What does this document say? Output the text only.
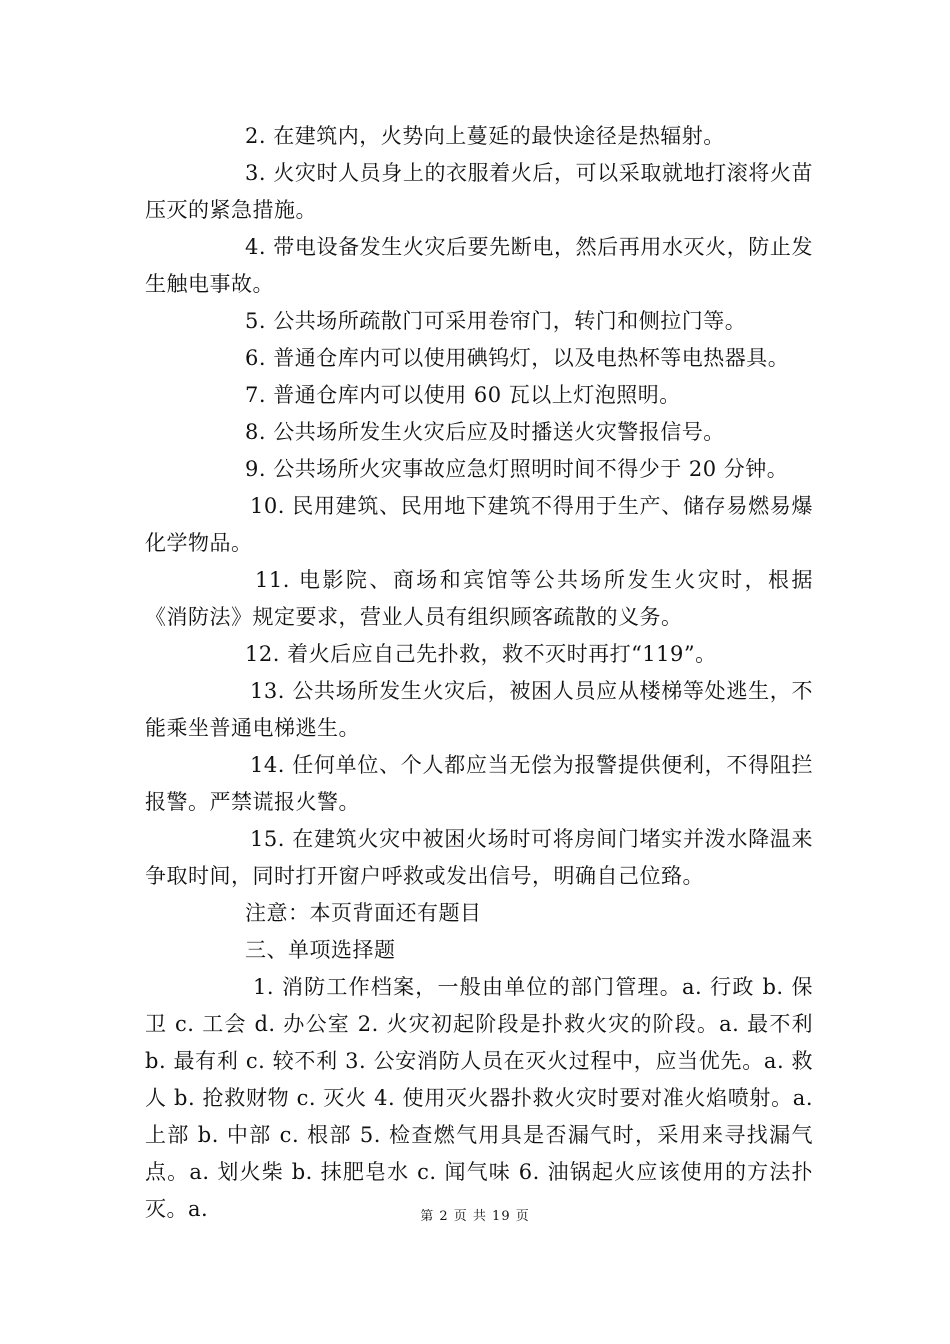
2. 在建筑内，火势向上蔓延的最快途径是热辐射。

3. 火灾时人员身上的衣服着火后，可以采取就地打滚将火苗压灭的紧急措施。

4. 带电设备发生火灾后要先断电，然后再用水灭火，防止发生触电事故。

5. 公共场所疏散门可采用卷帘门，转门和侧拉门等。

6. 普通仓库内可以使用碘钨灯，以及电热杯等电热器具。

7. 普通仓库内可以使用 60 瓦以上灯泡照明。

8. 公共场所发生火灾后应及时播送火灾警报信号。

9. 公共场所火灾事故应急灯照明时间不得少于 20 分钟。

10. 民用建筑、民用地下建筑不得用于生产、储存易燃易爆化学物品。

11. 电影院、商场和宾馆等公共场所发生火灾时，根据《消防法》规定要求，营业人员有组织顾客疏散的义务。

12. 着火后应自己先扑救，救不灭时再打“119”。

13. 公共场所发生火灾后，被困人员应从楼梯等处逃生，不能乘坐普通电梯逃生。

14. 任何单位、个人都应当无偿为报警提供便利，不得阻拦报警。严禁谎报火警。

15. 在建筑火灾中被困火场时可将房间门堵实并泼水降温来争取时间，同时打开窗户呼救或发出信号，明确自己位臵。

注意：本页背面还有题目

三、单项选择题

1. 消防工作档案，一般由单位的部门管理。a. 行政 b. 保卫 c. 工会 d. 办公室 2. 火灾初起阶段是扑救火灾的阶段。a. 最不利 b. 最有利 c. 较不利 3. 公安消防人员在灭火过程中，应当优先。a. 救人 b. 抢救财物 c. 灭火 4. 使用灭火器扑救火灾时要对准火焰喷射。a. 上部 b. 中部 c. 根部 5. 检查燃气用具是否漏气时，采用来寻找漏气点。a. 划火柴 b. 抹肥皂水 c. 闻气味 6. 油锅起火应该使用的方法扑灭。a.	第 2 页 共 19 页
